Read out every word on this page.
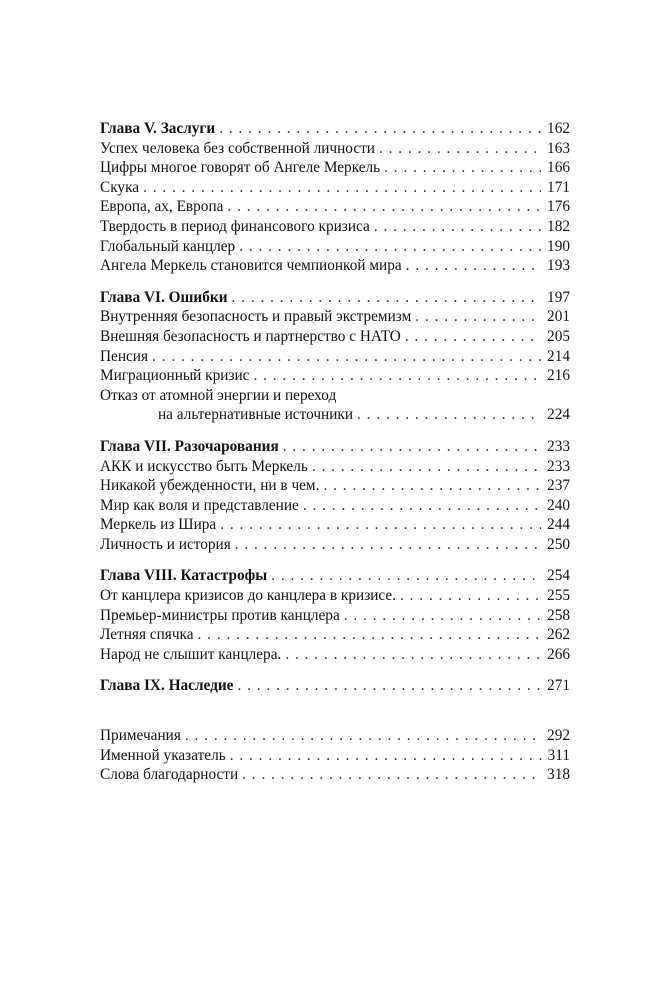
Глава V. Заслуги . . .	162
Успех человека без собственной личности . . .	163
Цифры многое говорят об Ангеле Меркель . . .	166
Скука . . .	171
Европа, ах, Европа . . .	176
Твердость в период финансового кризиса . . .	182
Глобальный канцлер . . .	190
Ангела Меркель становится чемпионкой мира . . .	193
Глава VI. Ошибки . . .	197
Внутренняя безопасность и правый экстремизм . . .	201
Внешняя безопасность и партнерство с НАТО . . .	205
Пенсия . . .	214
Миграционный кризис . . .	216
Отказ от атомной энергии и переход
на альтернативные источники . . .	224
Глава VII. Разочарования . . .	233
АКК и искусство быть Меркель . . .	233
Никакой убежденности, ни в чем. . . .	237
Мир как воля и представление . . .	240
Меркель из Шира . . .	244
Личность и история . . .	250
Глава VIII. Катастрофы . . .	254
От канцлера кризисов до канцлера в кризисе. . . .	255
Премьер-министры против канцлера . . .	258
Летняя спячка . . .	262
Народ не слышит канцлера. . . .	266
Глава IX. Наследие . . .	271
Примечания . . .	292
Именной указатель . . .	311
Слова благодарности . . .	318
